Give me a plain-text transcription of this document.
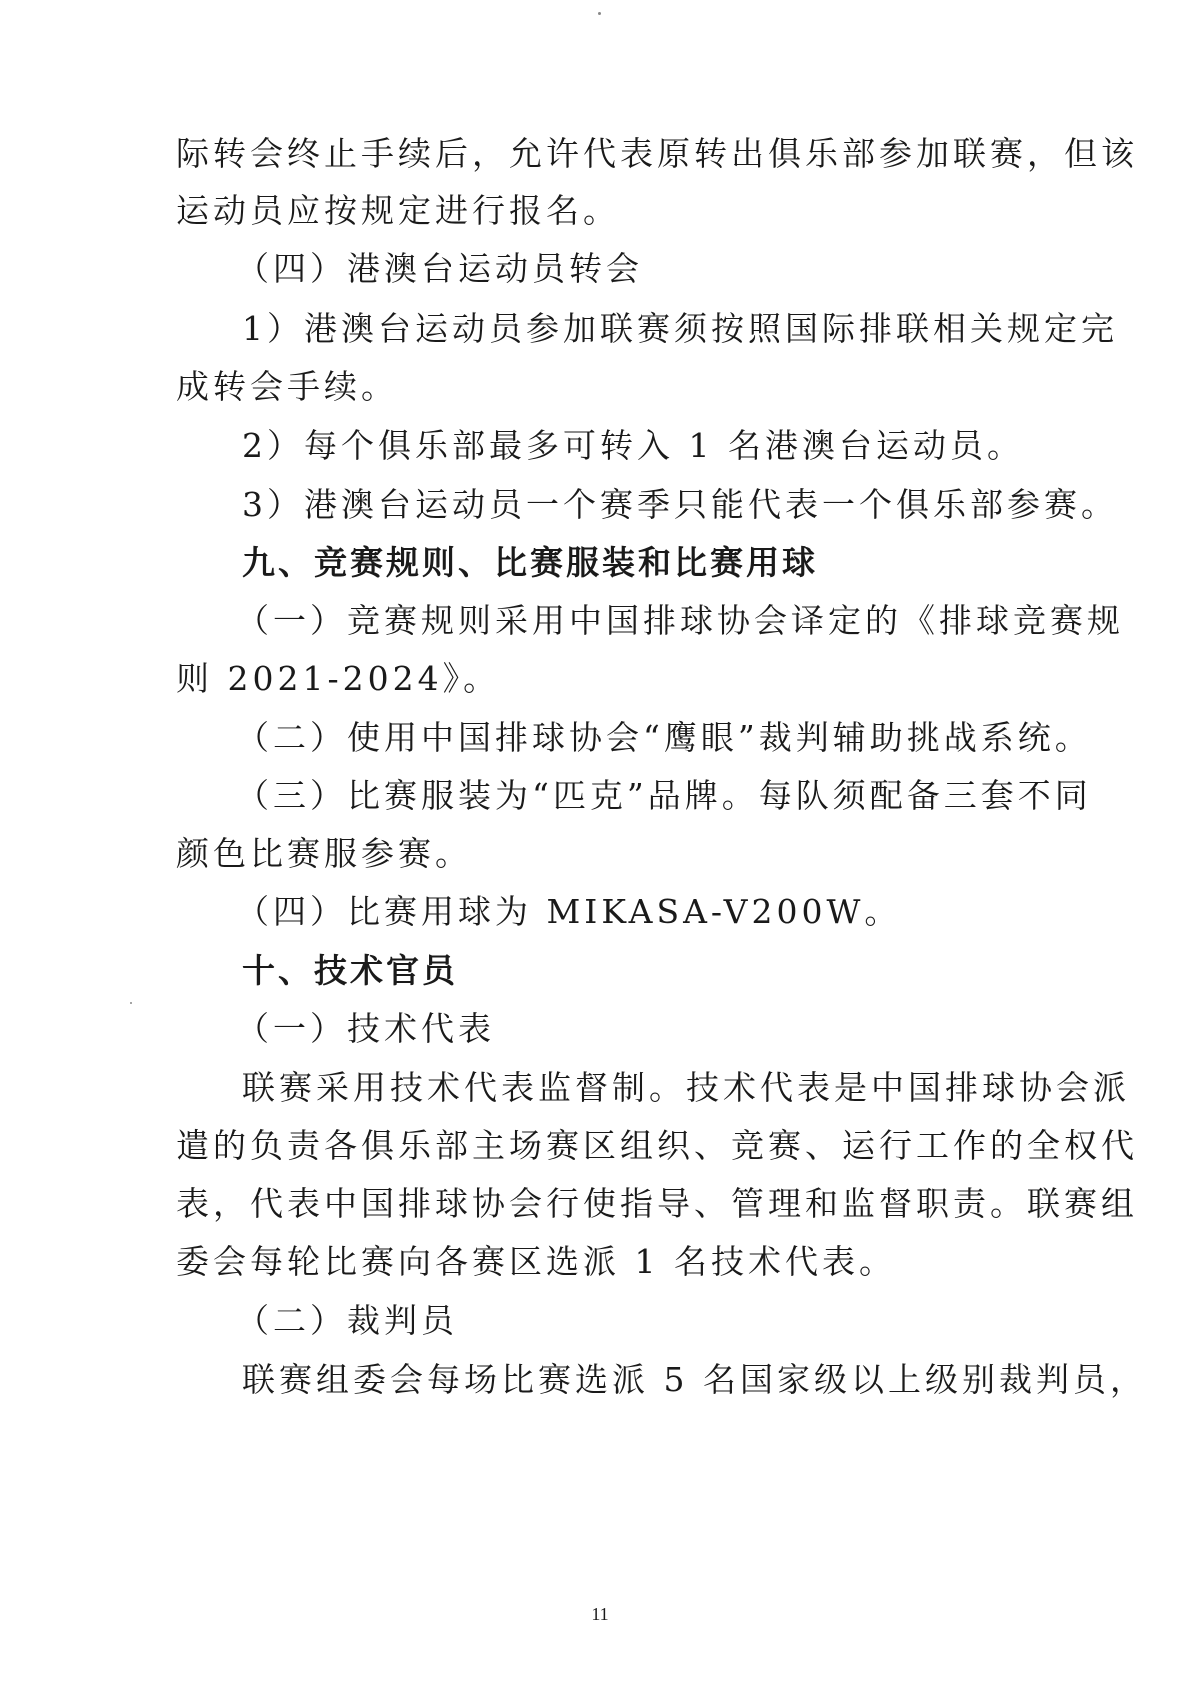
际转会终止手续后，允许代表原转出俱乐部参加联赛，但该
运动员应按规定进行报名。
（四）港澳台运动员转会
1）港澳台运动员参加联赛须按照国际排联相关规定完
成转会手续。
2）每个俱乐部最多可转入 1 名港澳台运动员。
3）港澳台运动员一个赛季只能代表一个俱乐部参赛。
九、竞赛规则、比赛服装和比赛用球
（一）竞赛规则采用中国排球协会译定的《排球竞赛规
则 2021-2024》。
（二）使用中国排球协会“鹰眼”裁判辅助挑战系统。
（三）比赛服装为“匹克”品牌。每队须配备三套不同
颜色比赛服参赛。
（四）比赛用球为 MIKASA-V200W。
十、技术官员
（一）技术代表
联赛采用技术代表监督制。技术代表是中国排球协会派
遣的负责各俱乐部主场赛区组织、竞赛、运行工作的全权代
表，代表中国排球协会行使指导、管理和监督职责。联赛组
委会每轮比赛向各赛区选派 1 名技术代表。
（二）裁判员
联赛组委会每场比赛选派 5 名国家级以上级别裁判员，
11
